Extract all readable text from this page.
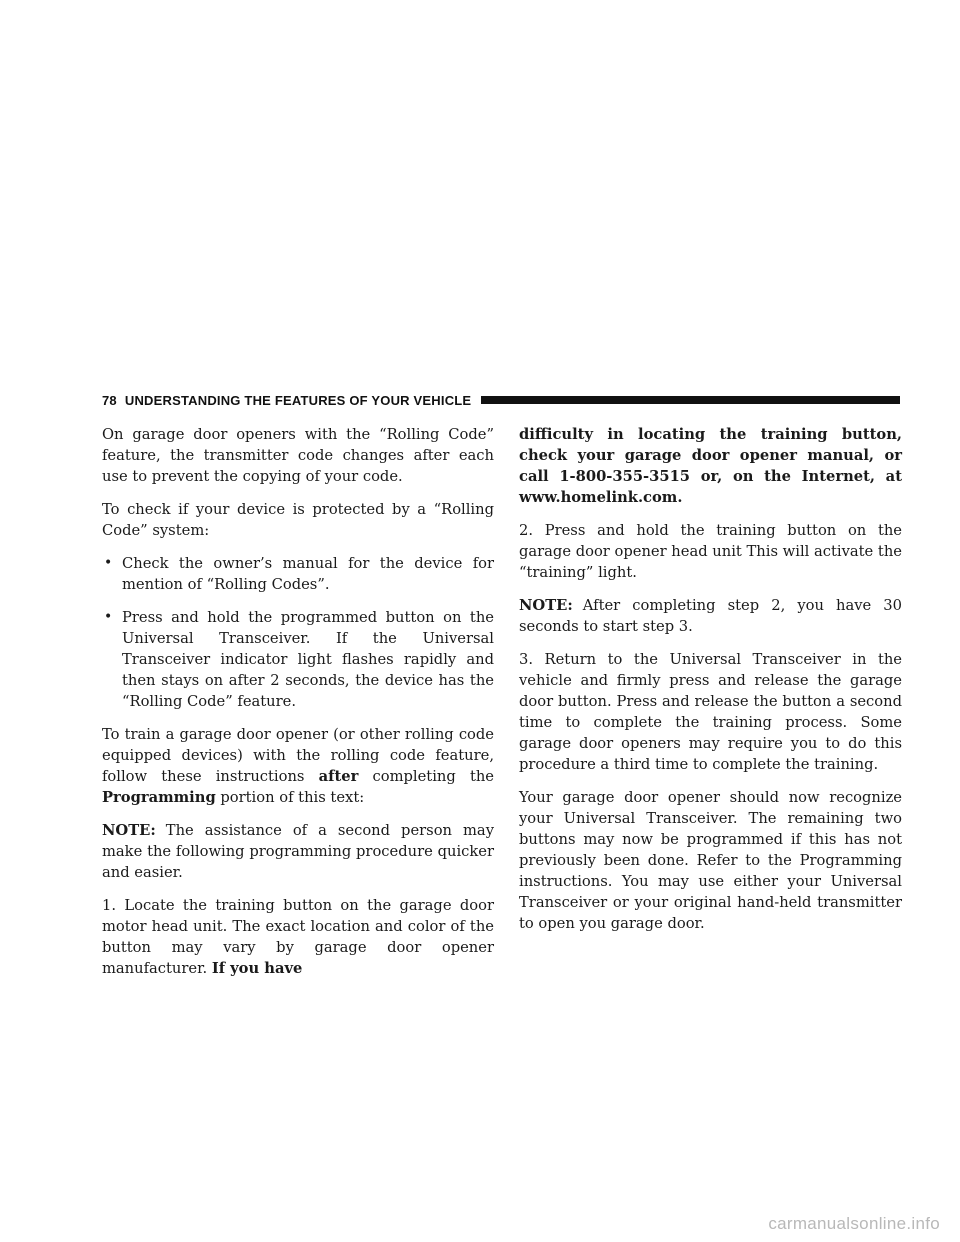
78 UNDERSTANDING THE FEATURES OF YOUR VEHICLE

On garage door openers with the “Rolling Code” feature, the transmitter code changes after each use to prevent the copying of your code.

To check if your device is protected by a “Rolling Code” system:

• Check the owner’s manual for the device for mention of “Rolling Codes”.
• Press and hold the programmed button on the Universal Transceiver. If the Universal Transceiver indicator light flashes rapidly and then stays on after 2 seconds, the device has the “Rolling Code” feature.

To train a garage door opener (or other rolling code equipped devices) with the rolling code feature, follow these instructions after completing the Programming portion of this text:

NOTE: The assistance of a second person may make the following programming procedure quicker and easier.

1. Locate the training button on the garage door motor head unit. The exact location and color of the button may vary by garage door opener manufacturer. If you have

difficulty in locating the training button, check your garage door opener manual, or call 1-800-355-3515 or, on the Internet, at www.homelink.com.

2. Press and hold the training button on the garage door opener head unit This will activate the “training” light.

NOTE: After completing step 2, you have 30 seconds to start step 3.

3. Return to the Universal Transceiver in the vehicle and firmly press and release the garage door button. Press and release the button a second time to complete the training process. Some garage door openers may require you to do this procedure a third time to complete the training.

Your garage door opener should now recognize your Universal Transceiver. The remaining two buttons may now be programmed if this has not previously been done. Refer to the Programming instructions. You may use either your Universal Transceiver or your original hand-held transmitter to open you garage door.

carmanualsonline.info
